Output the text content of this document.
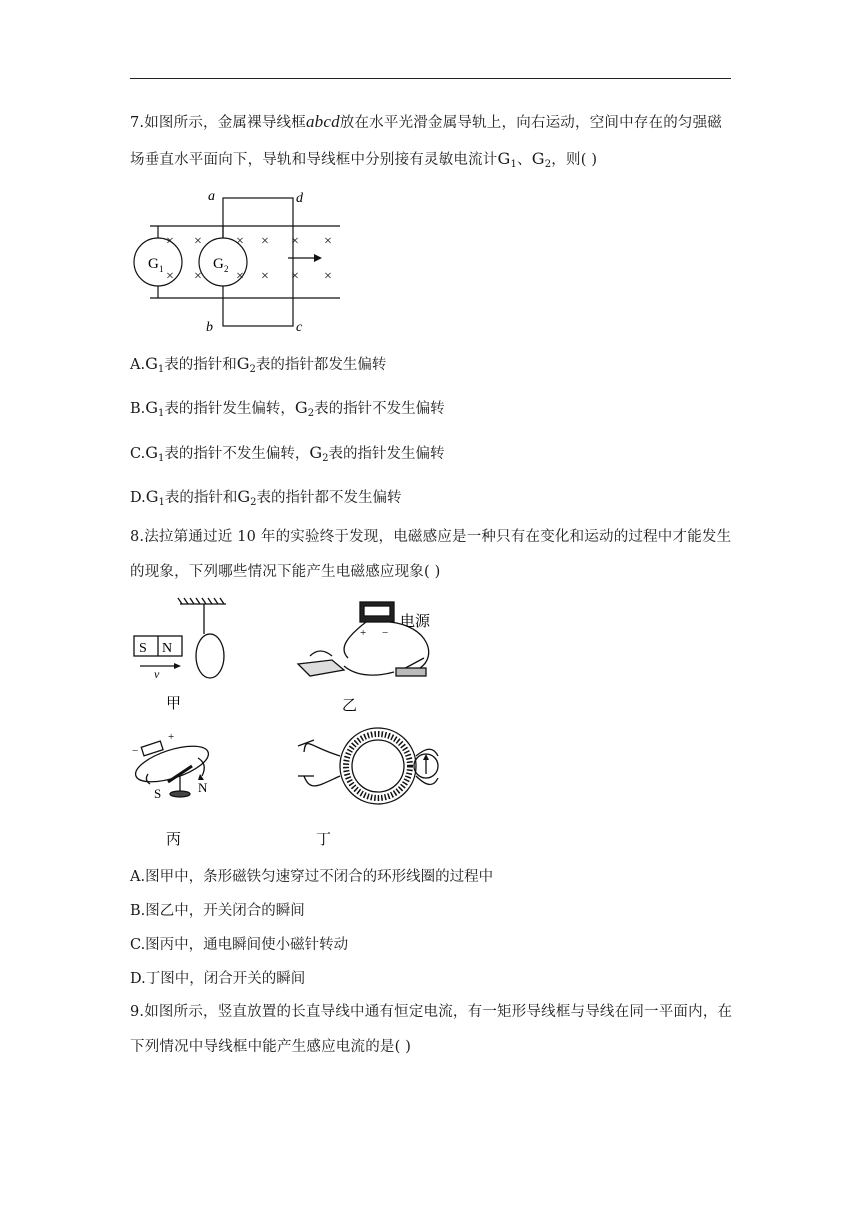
7.如图所示，金属裸导线框abcd放在水平光滑金属导轨上，向右运动，空间中存在的匀强磁场垂直水平面向下，导轨和导线框中分别接有灵敏电流计$G_1$、$G_2$，则( )
× × × × × ×
× × × × × ×
G 1	G 2
a	d
b	c
$A.G_1$表的指针和$G_2$表的指针都发生偏转
$B.G_1$表的指针发生偏转，$G_2$表的指针不发生偏转
$C.G_1$表的指针不发生偏转，$G_2$表的指针发生偏转
$D.G_1$表的指针和$G_2$表的指针都不发生偏转
8.法拉第通过近 10 年的实验终于发现，电磁感应是一种只有在变化和运动的过程中才能发生的现象，下列哪些情况下能产生电磁感应现象( )
S N
v
甲
电源
+ −
乙
S	N
−
+
丙	丁
A.图甲中，条形磁铁匀速穿过不闭合的环形线圈的过程中
B.图乙中，开关闭合的瞬间
C.图丙中，通电瞬间使小磁针转动
D.丁图中，闭合开关的瞬间
9.如图所示，竖直放置的长直导线中通有恒定电流，有一矩形导线框与导线在同一平面内，在下列情况中导线框中能产生感应电流的是( )
